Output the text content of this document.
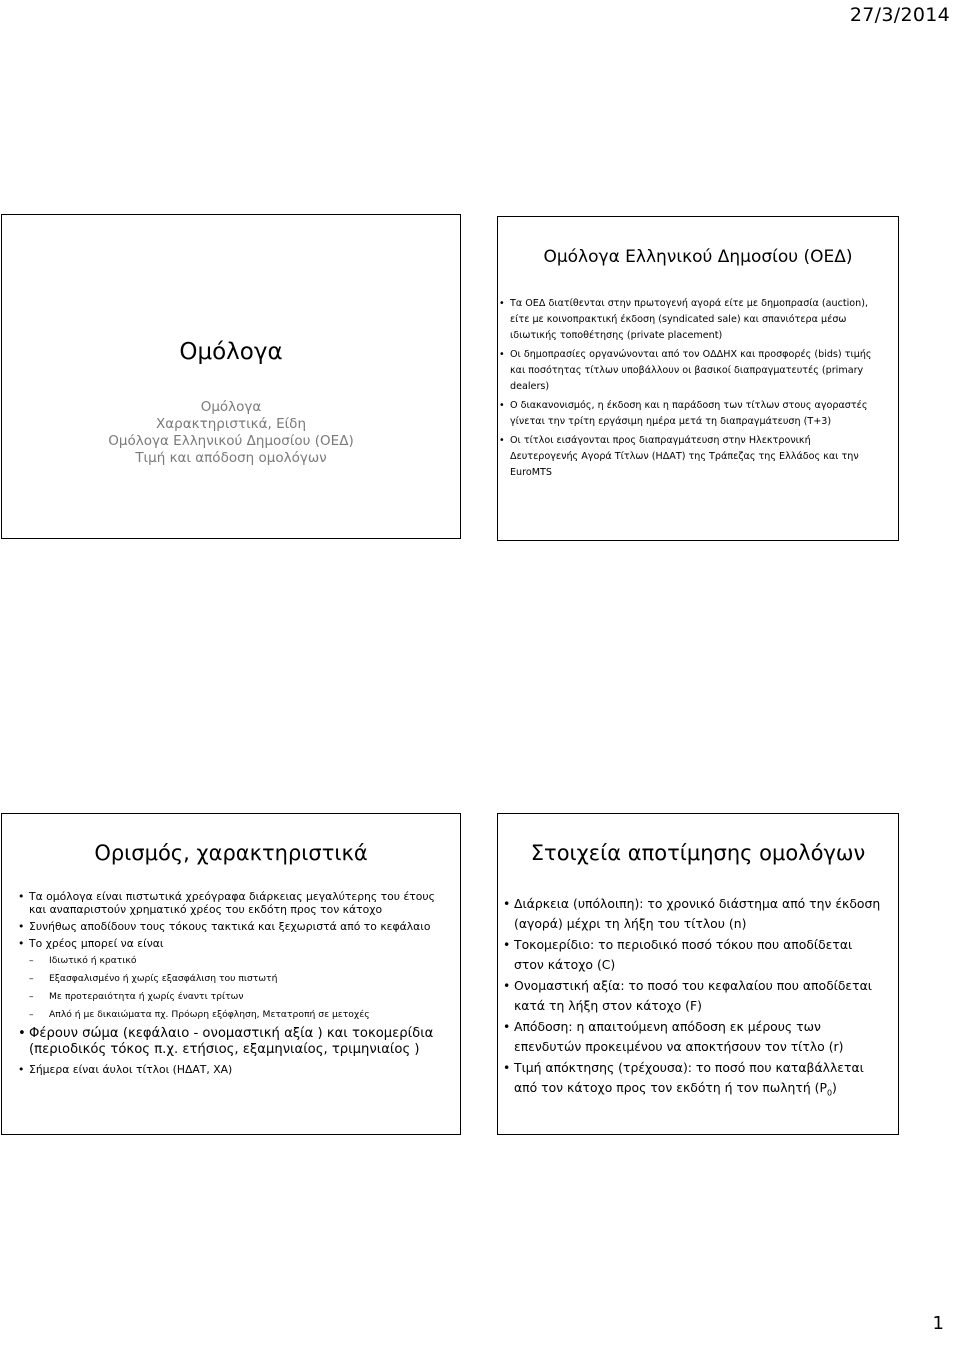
27/3/2014
Ομόλογα
Ομόλογα
Χαρακτηριστικά, Είδη
Ομόλογα Ελληνικού Δημοσίου (ΟΕΔ)
Τιμή και απόδοση ομολόγων
Ομόλογα Ελληνικού Δημοσίου (ΟΕΔ)
• Τα ΟΕΔ διατίθενται στην πρωτογενή αγορά είτε με δημοπρασία (auction), είτε με κοινοπρακτική έκδοση (syndicated sale) και σπανιότερα μέσω ιδιωτικής τοποθέτησης (private placement)
• Οι δημοπρασίες οργανώνονται από τον ΟΔΔΗΧ και προσφορές (bids) τιμής και ποσότητας τίτλων υποβάλλουν οι βασικοί διαπραγματευτές (primary dealers)
• Ο διακανονισμός, η έκδοση και η παράδοση των τίτλων στους αγοραστές γίνεται την τρίτη εργάσιμη ημέρα μετά τη διαπραγμάτευση (T+3)
• Οι τίτλοι εισάγονται προς διαπραγμάτευση στην Ηλεκτρονική Δευτερογενής Αγορά Τίτλων (ΗΔΑΤ) της Τράπεζας της Ελλάδος και την EuroMTS
Ορισμός, χαρακτηριστικά
• Τα ομόλογα είναι πιστωτικά χρεόγραφα διάρκειας μεγαλύτερης του έτους και αναπαριστούν χρηματικό χρέος του εκδότη προς τον κάτοχο
• Συνήθως αποδίδουν τους τόκους τακτικά και ξεχωριστά από το κεφάλαιο
• Το χρέος μπορεί να είναι
– Ιδιωτικό ή κρατικό
– Εξασφαλισμένο ή χωρίς εξασφάλιση του πιστωτή
– Με προτεραιότητα ή χωρίς έναντι τρίτων
– Απλό ή με δικαιώματα πχ. Πρόωρη εξόφληση, Μετατροπή σε μετοχές
• Φέρουν σώμα (κεφάλαιο - ονομαστική αξία ) και τοκομερίδια (περιοδικός τόκος π.χ. ετήσιος, εξαμηνιαίος, τριμηνιαίος )
• Σήμερα είναι άυλοι τίτλοι (ΗΔΑΤ, ΧΑ)
Στοιχεία αποτίμησης ομολόγων
• Διάρκεια (υπόλοιπη): το χρονικό διάστημα από την έκδοση (αγορά) μέχρι τη λήξη του τίτλου (n)
• Τοκομερίδιο: το περιοδικό ποσό τόκου που αποδίδεται στον κάτοχο (C)
• Ονομαστική αξία: το ποσό του κεφαλαίου που αποδίδεται κατά τη λήξη στον κάτοχο (F)
• Απόδοση: η απαιτούμενη απόδοση εκ μέρους των επενδυτών προκειμένου να αποκτήσουν τον τίτλο (r)
• Τιμή απόκτησης (τρέχουσα): το ποσό που καταβάλλεται από τον κάτοχο προς τον εκδότη ή τον πωλητή $(P_0)$
1
